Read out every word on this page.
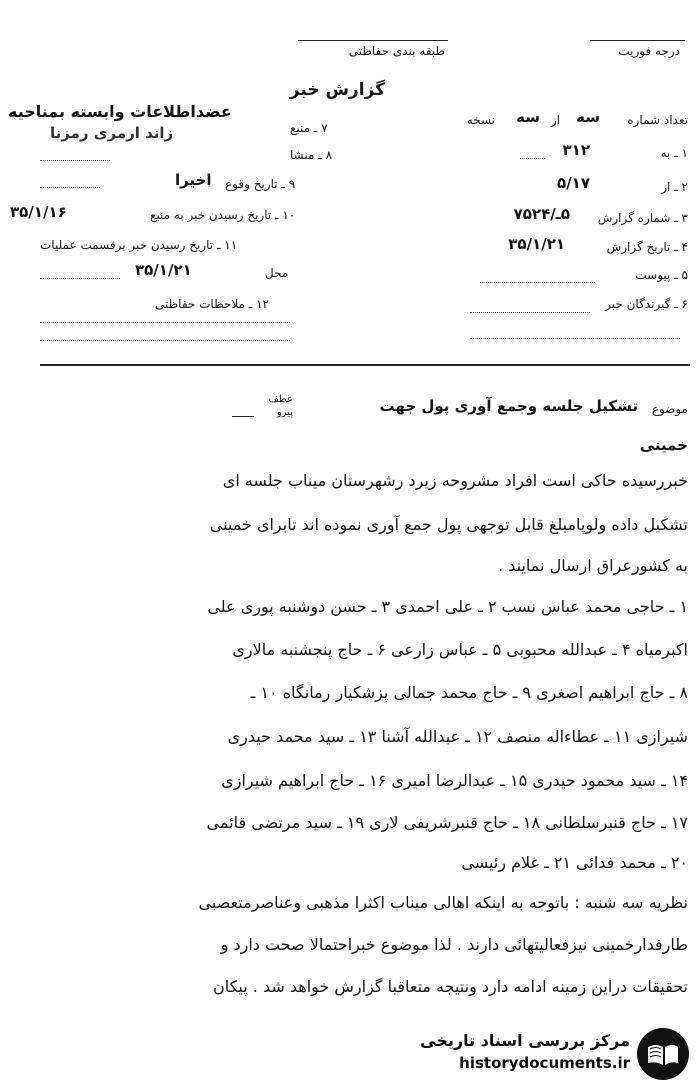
درجه فوریت
طبقه بندی حفاظتی
گزارش خبر
تعداد شماره
سه
از
سه
نسخه
۱ ـ به
۳۱۲
۲ ـ از
۵/۱۷
۳ ـ شماره گزارش
۵ـ/۷۵۲۴
۴ ـ تاریخ گزارش
۳۵/۱/۲۱
۵ ـ پیوست
۶ ـ گیرندگان خبر
۷ ـ منبع
عضداطلاعات وابسته بمناحیه
زاند ارمری رمزنا
۸ ـ منشا
۹ ـ تاریخ وقوع
اخیرا
۱۰ ـ تاریخ رسیدن خبر به منبع
۳۵/۱/۱۶
۱۱ ـ تاریخ رسیدن خبر برقسمت عملیات
محل
۳۵/۱/۲۱
۱۲ ـ ملاحظات حفاظتی
موضوع
تشکیل جلسه وجمع آوری پول جهت
عطف پیرو
خمینی
خبررسیده حاکی است افراد مشروحه زیرد رشهرستان میناب جلسه ای
تشکیل داده ولوپامبلغ قابل توجهی پول جمع آوری نموده اند تابرای خمینی
به کشورعراق ارسال نمایند .
۱ ـ حاجی محمد عباس نسب ۲ ـ علی احمدی ۳ ـ حسن دوشنبه پوری علی
اکبرمیاه ۴ ـ عبدالله محبوبی ۵ ـ عباس زارعی ۶ ـ حاج پنجشنبه مالاری
۸ ـ حاج ابراهیم اصغری ۹ ـ حاج محمد جمالی پزشکیار رمانگاه ۱۰ ـ
شیرازی ۱۱ ـ عطاءاله منصف ۱۲ ـ عبدالله آشنا ۱۳ ـ سید محمد حیدری
۱۴ ـ سید محمود حیدری ۱۵ ـ عبدالرضا امیری ۱۶ ـ حاج ابراهیم شیرازی
۱۷ ـ حاج قنبرسلطانی ۱۸ ـ حاج قنبرشریفی لاری ۱۹ ـ سید مرتضی قائمی
۲۰ ـ محمد فدائی ۲۱ ـ غلام رئیسی
نظریه سه شنبه : باتوجه به اینکه اهالی میناب اکثرا مذهبی وعناصرمتعصبی
طارفدارخمینی نیزفعالیتهائی دارند . لذا موضوع خبراحتمالا صحت دارد و
تحقیقات دراین زمینه ادامه دارد ونتیجه متعاقبا گزارش خواهد شد . پیکان
مرکز بررسی اسناد تاریخی
historydocuments.ir
